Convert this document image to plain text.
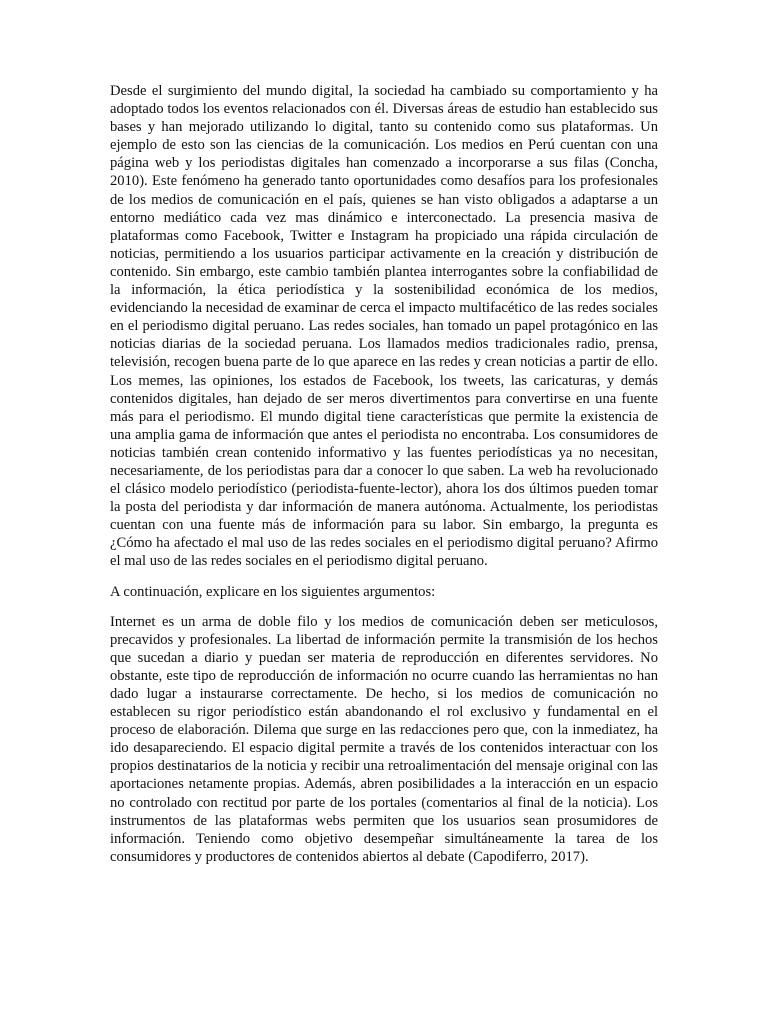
Desde el surgimiento del mundo digital, la sociedad ha cambiado su comportamiento y ha adoptado todos los eventos relacionados con él. Diversas áreas de estudio han establecido sus bases y han mejorado utilizando lo digital, tanto su contenido como sus plataformas. Un ejemplo de esto son las ciencias de la comunicación. Los medios en Perú cuentan con una página web y los periodistas digitales han comenzado a incorporarse a sus filas (Concha, 2010). Este fenómeno ha generado tanto oportunidades como desafíos para los profesionales de los medios de comunicación en el país, quienes se han visto obligados a adaptarse a un entorno mediático cada vez mas dinámico e interconectado. La presencia masiva de plataformas como Facebook, Twitter e Instagram ha propiciado una rápida circulación de noticias, permitiendo a los usuarios participar activamente en la creación y distribución de contenido. Sin embargo, este cambio también plantea interrogantes sobre la confiabilidad de la información, la ética periodística y la sostenibilidad económica de los medios, evidenciando la necesidad de examinar de cerca el impacto multifacético de las redes sociales en el periodismo digital peruano. Las redes sociales, han tomado un papel protagónico en las noticias diarias de la sociedad peruana. Los llamados medios tradicionales radio, prensa, televisión, recogen buena parte de lo que aparece en las redes y crean noticias a partir de ello. Los memes, las opiniones, los estados de Facebook, los tweets, las caricaturas, y demás contenidos digitales, han dejado de ser meros divertimentos para convertirse en una fuente más para el periodismo. El mundo digital tiene características que permite la existencia de una amplia gama de información que antes el periodista no encontraba. Los consumidores de noticias también crean contenido informativo y las fuentes periodísticas ya no necesitan, necesariamente, de los periodistas para dar a conocer lo que saben. La web ha revolucionado el clásico modelo periodístico (periodista-fuente-lector), ahora los dos últimos pueden tomar la posta del periodista y dar información de manera autónoma. Actualmente, los periodistas cuentan con una fuente más de información para su labor. Sin embargo, la pregunta es ¿Cómo ha afectado el mal uso de las redes sociales en el periodismo digital peruano? Afirmo el mal uso de las redes sociales en el periodismo digital peruano.

A continuación, explicare en los siguientes argumentos:

Internet es un arma de doble filo y los medios de comunicación deben ser meticulosos, precavidos y profesionales. La libertad de información permite la transmisión de los hechos que sucedan a diario y puedan ser materia de reproducción en diferentes servidores. No obstante, este tipo de reproducción de información no ocurre cuando las herramientas no han dado lugar a instaurarse correctamente. De hecho, si los medios de comunicación no establecen su rigor periodístico están abandonando el rol exclusivo y fundamental en el proceso de elaboración. Dilema que surge en las redacciones pero que, con la inmediatez, ha ido desapareciendo. El espacio digital permite a través de los contenidos interactuar con los propios destinatarios de la noticia y recibir una retroalimentación del mensaje original con las aportaciones netamente propias. Además, abren posibilidades a la interacción en un espacio no controlado con rectitud por parte de los portales (comentarios al final de la noticia). Los instrumentos de las plataformas webs permiten que los usuarios sean prosumidores de información. Teniendo como objetivo desempeñar simultáneamente la tarea de los consumidores y productores de contenidos abiertos al debate (Capodiferro, 2017).
